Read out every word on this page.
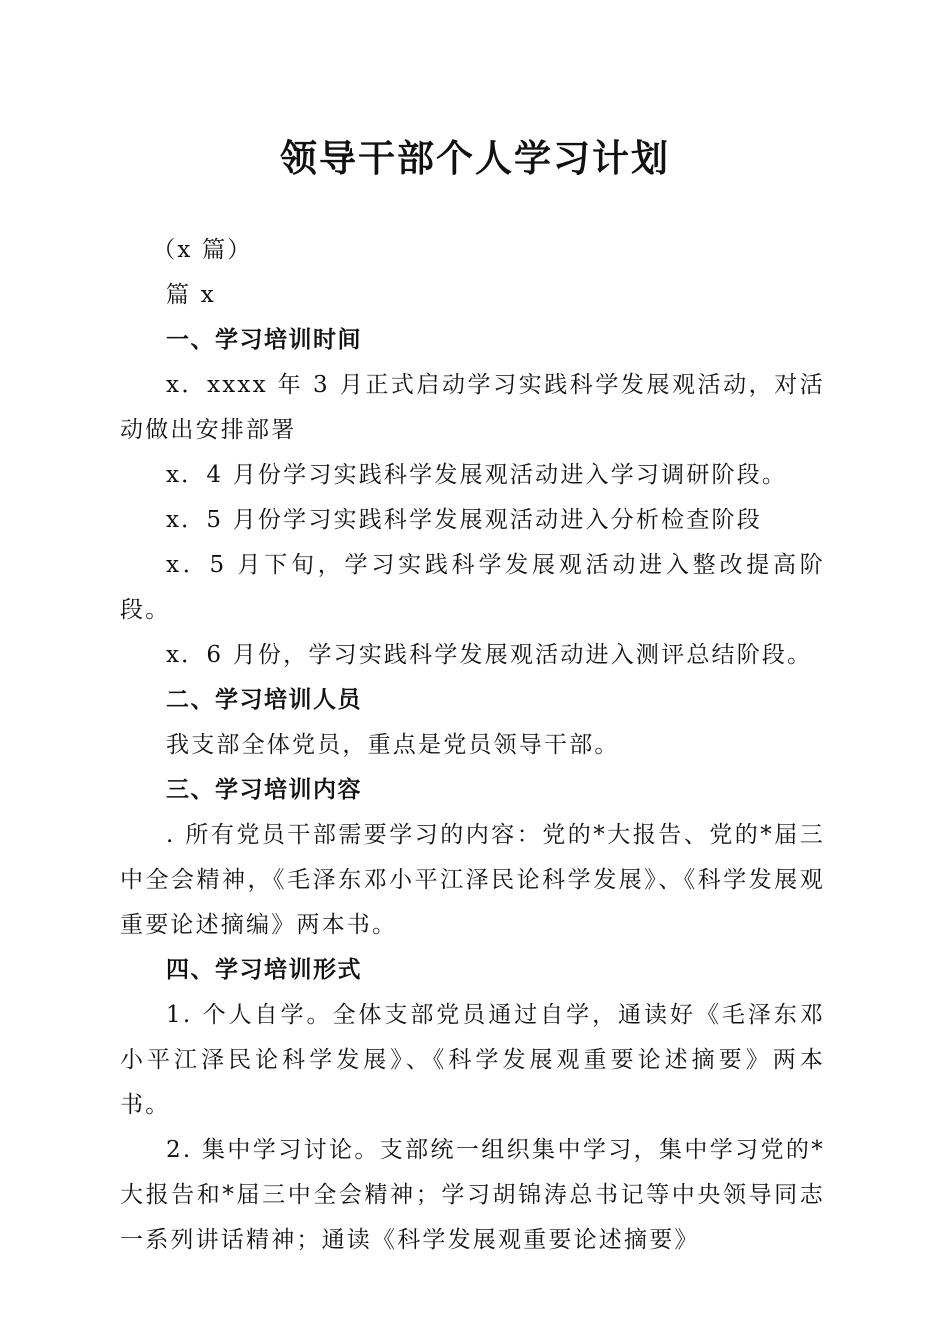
领导干部个人学习计划

（x 篇）

篇 x

一、学习培训时间

x．xxxx 年 3 月正式启动学习实践科学发展观活动，对活动做出安排部署

x．4 月份学习实践科学发展观活动进入学习调研阶段。

x．5 月份学习实践科学发展观活动进入分析检查阶段

x．5 月下旬，学习实践科学发展观活动进入整改提高阶段。

x．6 月份，学习实践科学发展观活动进入测评总结阶段。

二、学习培训人员

我支部全体党员，重点是党员领导干部。

三、学习培训内容

. 所有党员干部需要学习的内容：党的*大报告、党的*届三中全会精神，《毛泽东邓小平江泽民论科学发展》、《科学发展观重要论述摘编》两本书。

四、学习培训形式

1. 个人自学。全体支部党员通过自学，通读好《毛泽东邓小平江泽民论科学发展》、《科学发展观重要论述摘要》两本书。

2. 集中学习讨论。支部统一组织集中学习，集中学习党的*大报告和*届三中全会精神；学习胡锦涛总书记等中央领导同志一系列讲话精神；通读《科学发展观重要论述摘要》
